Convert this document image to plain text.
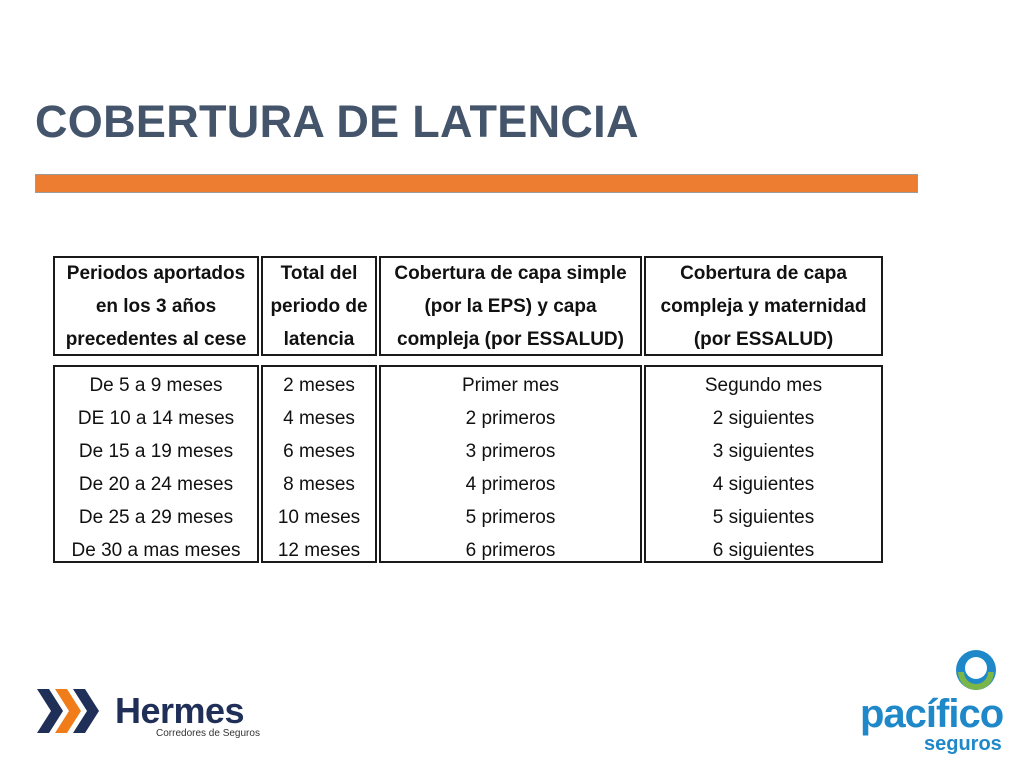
COBERTURA DE LATENCIA
Periodos aportados
en los 3 años
precedentes al cese
Total del
periodo de
latencia
Cobertura de capa simple
(por la EPS) y capa
compleja (por ESSALUD)
Cobertura de capa
compleja y maternidad
(por ESSALUD)
De 5 a 9 meses
DE 10 a 14 meses
De 15 a 19 meses
De 20 a 24 meses
De 25 a 29 meses
De 30 a mas meses
2 meses
4 meses
6 meses
8 meses
10 meses
12 meses
Primer mes
2 primeros
3 primeros
4 primeros
5 primeros
6 primeros
Segundo mes
2 siguientes
3 siguientes
4 siguientes
5 siguientes
6 siguientes
Hermes
Corredores de Seguros	pacífico
seguros
